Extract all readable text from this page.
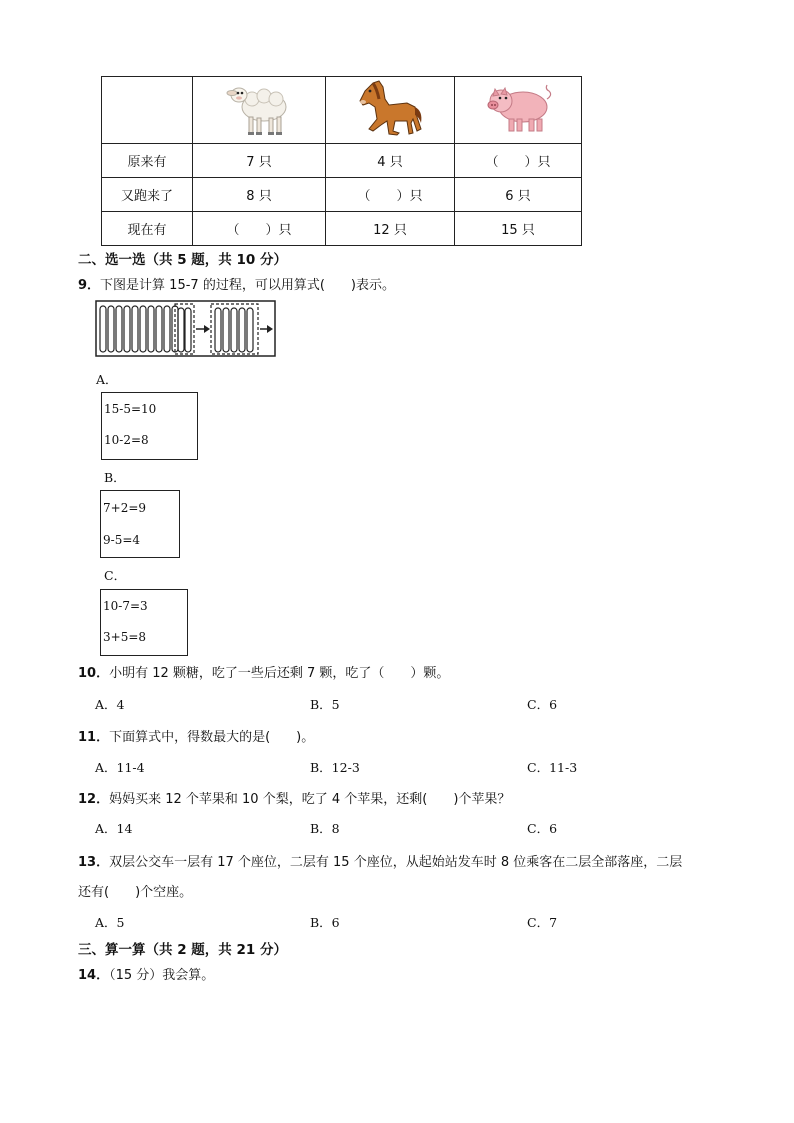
原来有	7 只	4 只	（　　）只
又跑来了	8 只	（　　）只	6 只
现在有	（　　）只	12 只	15 只
二、选一选（共 5 题，共 10 分）
9．下图是计算 15-7 的过程，可以用算式(　　)表示。
A．
15-5=10
10-2=8
B．
7+2=9
9-5=4
C．
10-7=3
3+5=8
10．小明有 12 颗糖，吃了一些后还剩 7 颗，吃了（　　）颗。
A．4	B．5	C．6
11．下面算式中，得数最大的是(　　)。
A．11-4	B．12-3	C．11-3
12．妈妈买来 12 个苹果和 10 个梨，吃了 4 个苹果，还剩(　　)个苹果？
A．14	B．8	C．6
13．双层公交车一层有 17 个座位，二层有 15 个座位，从起始站发车时 8 位乘客在二层全部落座，二层
还有(　　)个空座。
A．5	B．6	C．7
三、算一算（共 2 题，共 21 分）
14．（15 分）我会算。
